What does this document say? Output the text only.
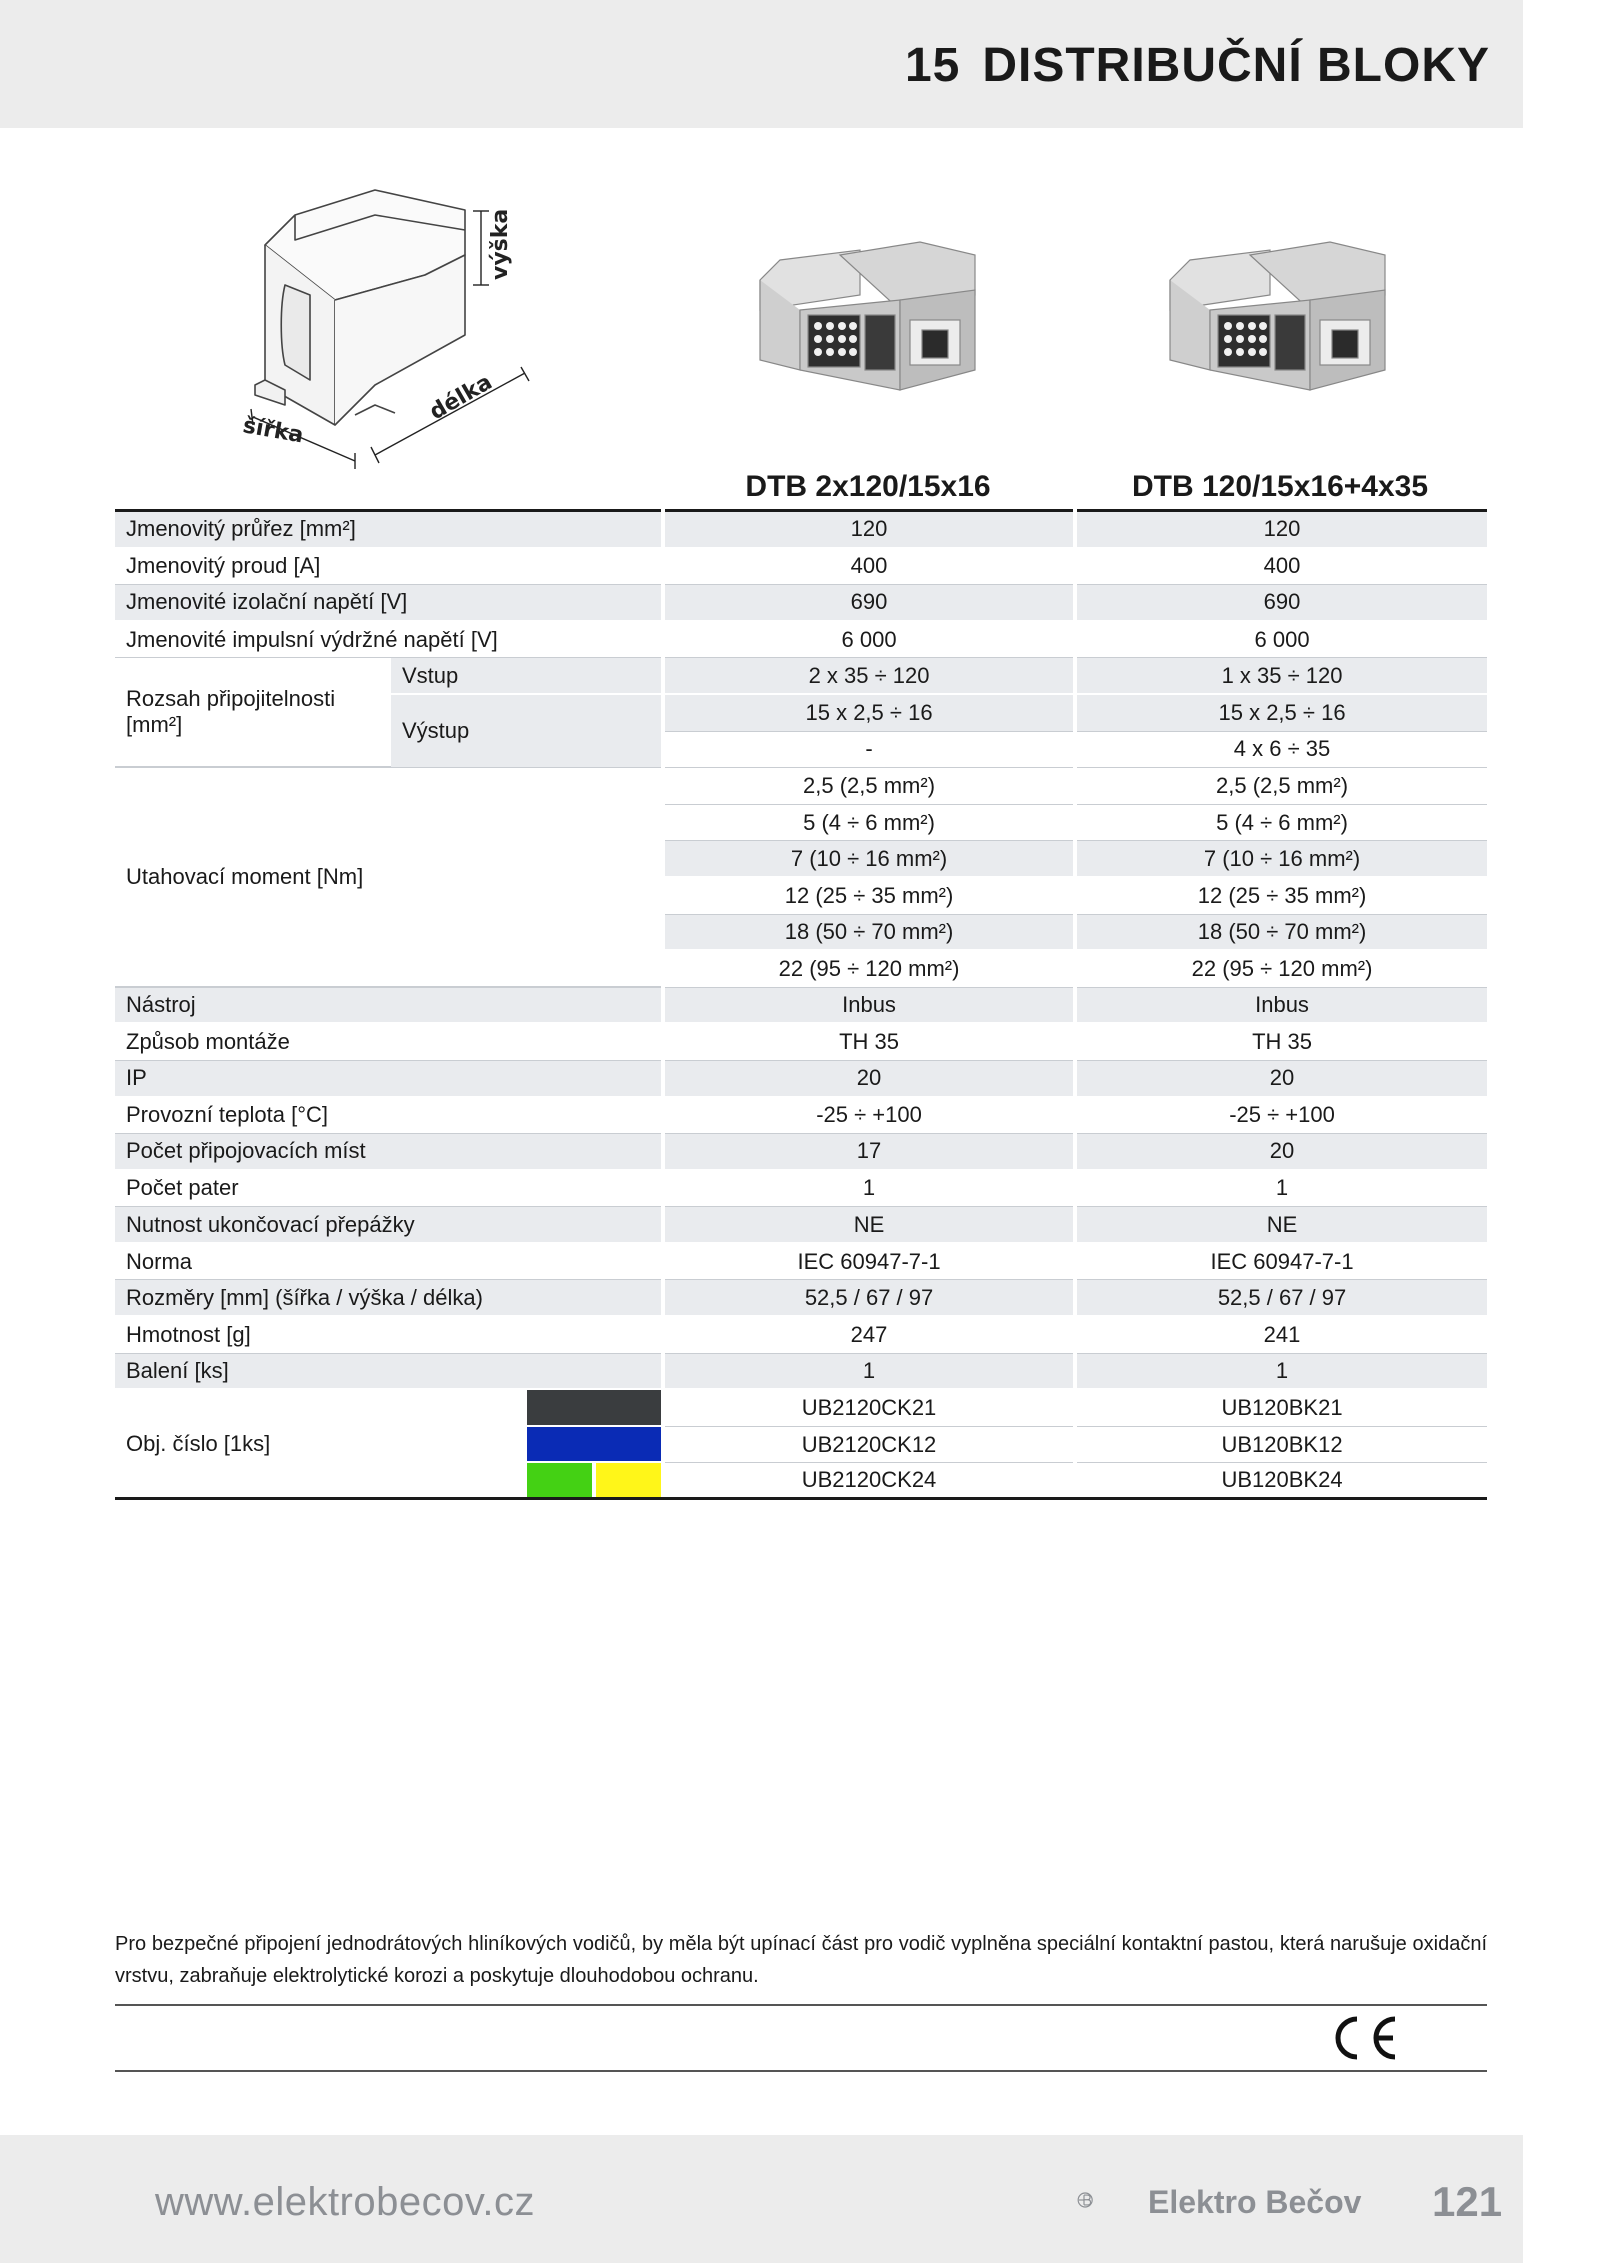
15 DISTRIBUČNÍ BLOKY
výška
délka
šířka
DTB 2x120/15x16	DTB 120/15x16+4x35
Jmenovitý průřez [mm²]				120		120
Jmenovitý proud [A]				400		400
Jmenovité izolační napětí [V]				690		690
Jmenovité impulsní výdržné napětí [V]				6 000		6 000
Rozsah připojitelnosti [mm²]	Vstup			2 x 35 ÷ 120		1 x 35 ÷ 120
	Výstup			15 x 2,5 ÷ 16		15 x 2,5 ÷ 16
				-		4 x 6 ÷ 35
Utahovací moment [Nm]				2,5 (2,5 mm²)		2,5 (2,5 mm²)
				5 (4 ÷ 6 mm²)		5 (4 ÷ 6 mm²)
				7 (10 ÷ 16 mm²)		7 (10 ÷ 16 mm²)
				12 (25 ÷ 35 mm²)		12 (25 ÷ 35 mm²)
				18 (50 ÷ 70 mm²)		18 (50 ÷ 70 mm²)
				22 (95 ÷ 120 mm²)		22 (95 ÷ 120 mm²)
Nástroj				Inbus		Inbus
Způsob montáže				TH 35		TH 35
IP				20		20
Provozní teplota [°C]				-25 ÷ +100		-25 ÷ +100
Počet připojovacích míst				17		20
Počet pater				1		1
Nutnost ukončovací přepážky				NE		NE
Norma				IEC 60947-7-1		IEC 60947-7-1
Rozměry [mm] (šířka / výška / délka)				52,5 / 67 / 97		52,5 / 67 / 97
Hmotnost [g]				247		241
Balení [ks]				1		1
Obj. číslo [1ks]				UB2120CK21		UB120BK21

				UB2120CK12		UB120BK12

				UB2120CK24		UB120BK24
Pro bezpečné připojení jednodrátových hliníkových vodičů, by měla být upínací část pro vodič vyplněna speciální kontaktní pastou, která narušuje oxidační vrstvu, zabraňuje elektrolytické korozi a poskytuje dlouhodobou ochranu.
www.elektrobecov.cz	Elektro Bečov 121
